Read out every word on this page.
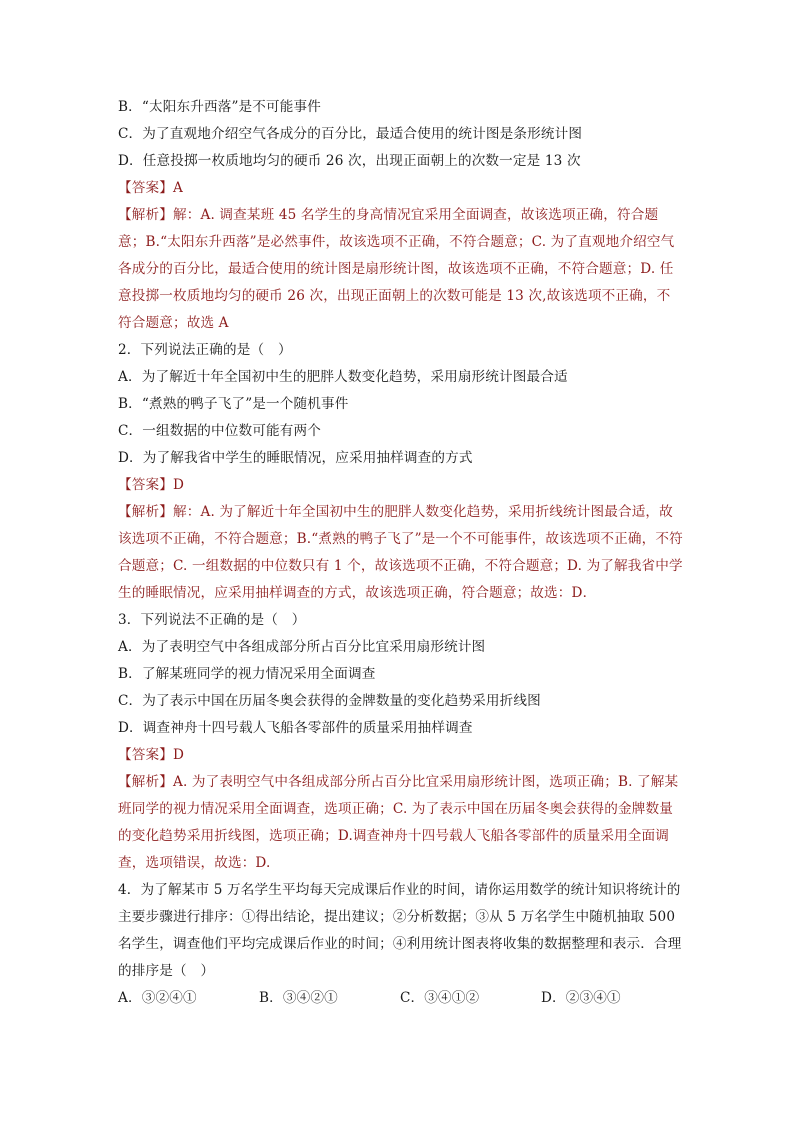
B．“太阳东升西落”是不可能事件
C．为了直观地介绍空气各成分的百分比，最适合使用的统计图是条形统计图
D．任意投掷一枚质地均匀的硬币 26 次，出现正面朝上的次数一定是 13 次
【答案】A
【解析】解：A. 调查某班 45 名学生的身高情况宜采用全面调查，故该选项正确，符合题意；B.“太阳东升西落”是必然事件，故该选项不正确，不符合题意；C. 为了直观地介绍空气各成分的百分比，最适合使用的统计图是扇形统计图，故该选项不正确，不符合题意；D. 任意投掷一枚质地均匀的硬币 26 次，出现正面朝上的次数可能是 13 次,故该选项不正确，不符合题意；故选 A
2．下列说法正确的是（　）
A．为了解近十年全国初中生的肥胖人数变化趋势，采用扇形统计图最合适
B．“煮熟的鸭子飞了”是一个随机事件
C．一组数据的中位数可能有两个
D．为了解我省中学生的睡眠情况，应采用抽样调查的方式
【答案】D
【解析】解：A. 为了解近十年全国初中生的肥胖人数变化趋势，采用折线统计图最合适，故该选项不正确，不符合题意；B.“煮熟的鸭子飞了”是一个不可能事件，故该选项不正确，不符合题意；C. 一组数据的中位数只有 1 个，故该选项不正确，不符合题意；D. 为了解我省中学生的睡眠情况，应采用抽样调查的方式，故该选项正确，符合题意；故选：D．
3．下列说法不正确的是（　）
A．为了表明空气中各组成部分所占百分比宜采用扇形统计图
B．了解某班同学的视力情况采用全面调查
C．为了表示中国在历届冬奥会获得的金牌数量的变化趋势采用折线图
D．调查神舟十四号载人飞船各零部件的质量采用抽样调查
【答案】D
【解析】A. 为了表明空气中各组成部分所占百分比宜采用扇形统计图，选项正确；B. 了解某班同学的视力情况采用全面调查，选项正确；C. 为了表示中国在历届冬奥会获得的金牌数量的变化趋势采用折线图，选项正确；D.调查神舟十四号载人飞船各零部件的质量采用全面调查，选项错误，故选：D.
4．为了解某市 5 万名学生平均每天完成课后作业的时间，请你运用数学的统计知识将统计的主要步骤进行排序：①得出结论，提出建议；②分析数据；③从 5 万名学生中随机抽取 500 名学生，调查他们平均完成课后作业的时间；④利用统计图表将收集的数据整理和表示．合理的排序是（　）
A．③②④①	B．③④②①	C．③④①②	D．②③④①
